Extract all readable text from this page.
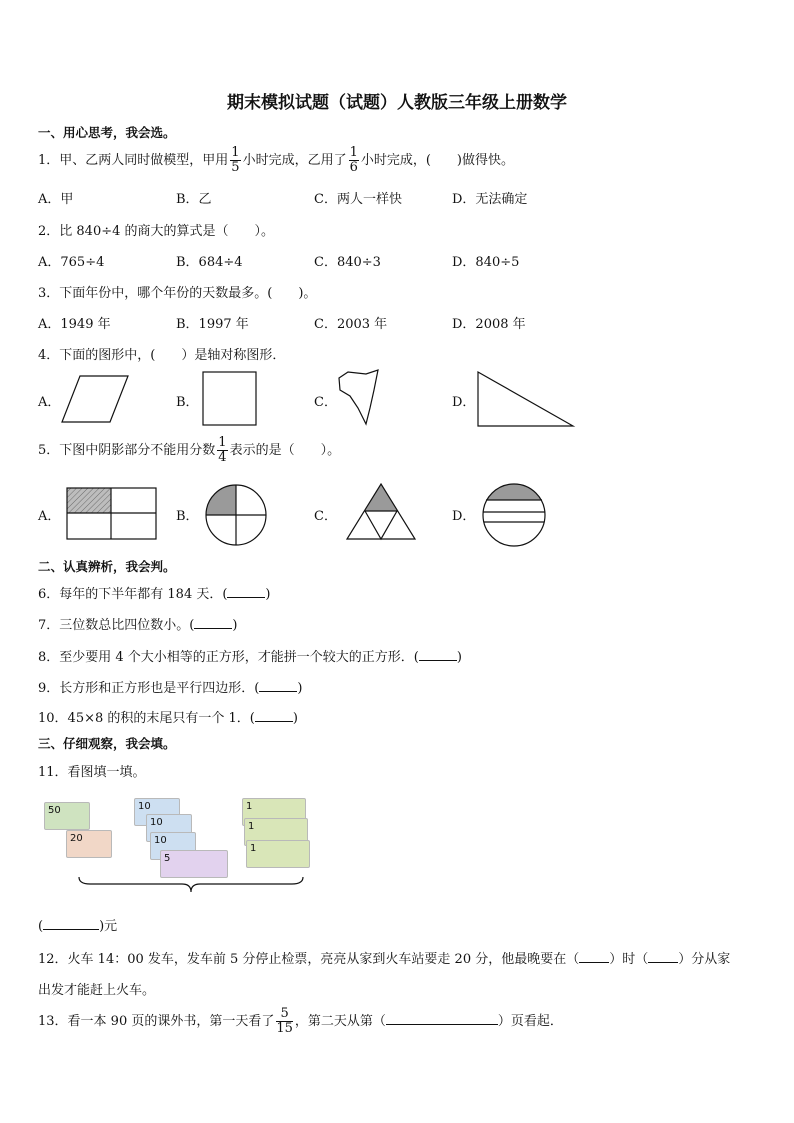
期末模拟试题（试题）人教版三年级上册数学
一、用心思考，我会选。
1．甲、乙两人同时做模型，甲用 $\frac{1}{5}$ 小时完成，乙用了 $\frac{1}{6}$ 小时完成，(　　)做得快。
A．甲	B．乙	C．两人一样快	D．无法确定
2．比 840÷4 的商大的算式是（　　）。
A．765÷4	B．684÷4	C．840÷3	D．840÷5
3．下面年份中，哪个年份的天数最多。(　　)。
A．1949 年	B．1997 年	C．2003 年	D．2008 年
4．下面的图形中，(　　）是轴对称图形．
A．	B．	C．	D．
5．下图中阴影部分不能用分数 $\frac{1}{4}$ 表示的是（　　）。
A．	B．	C．	D．
二、认真辨析，我会判。
6．每年的下半年都有 184 天．(	)
7．三位数总比四位数小。(	)
8．至少要用 4 个大小相等的正方形，才能拼一个较大的正方形．(	)
9．长方形和正方形也是平行四边形．(	)
10．45×8 的积的末尾只有一个 1．(	)
三、仔细观察，我会填。
11．看图填一填。
50
20
10
10
10
5
1
1
1
(	)元
12．火车 14：00 发车，发车前 5 分停止检票，亮亮从家到火车站要走 20 分，他最晚要在（ ）时（ ）分从家
出发才能赶上火车。
13．看一本 90 页的课外书，第一天看了 $\frac{5}{15}$ ，第二天从第（	）页看起．
